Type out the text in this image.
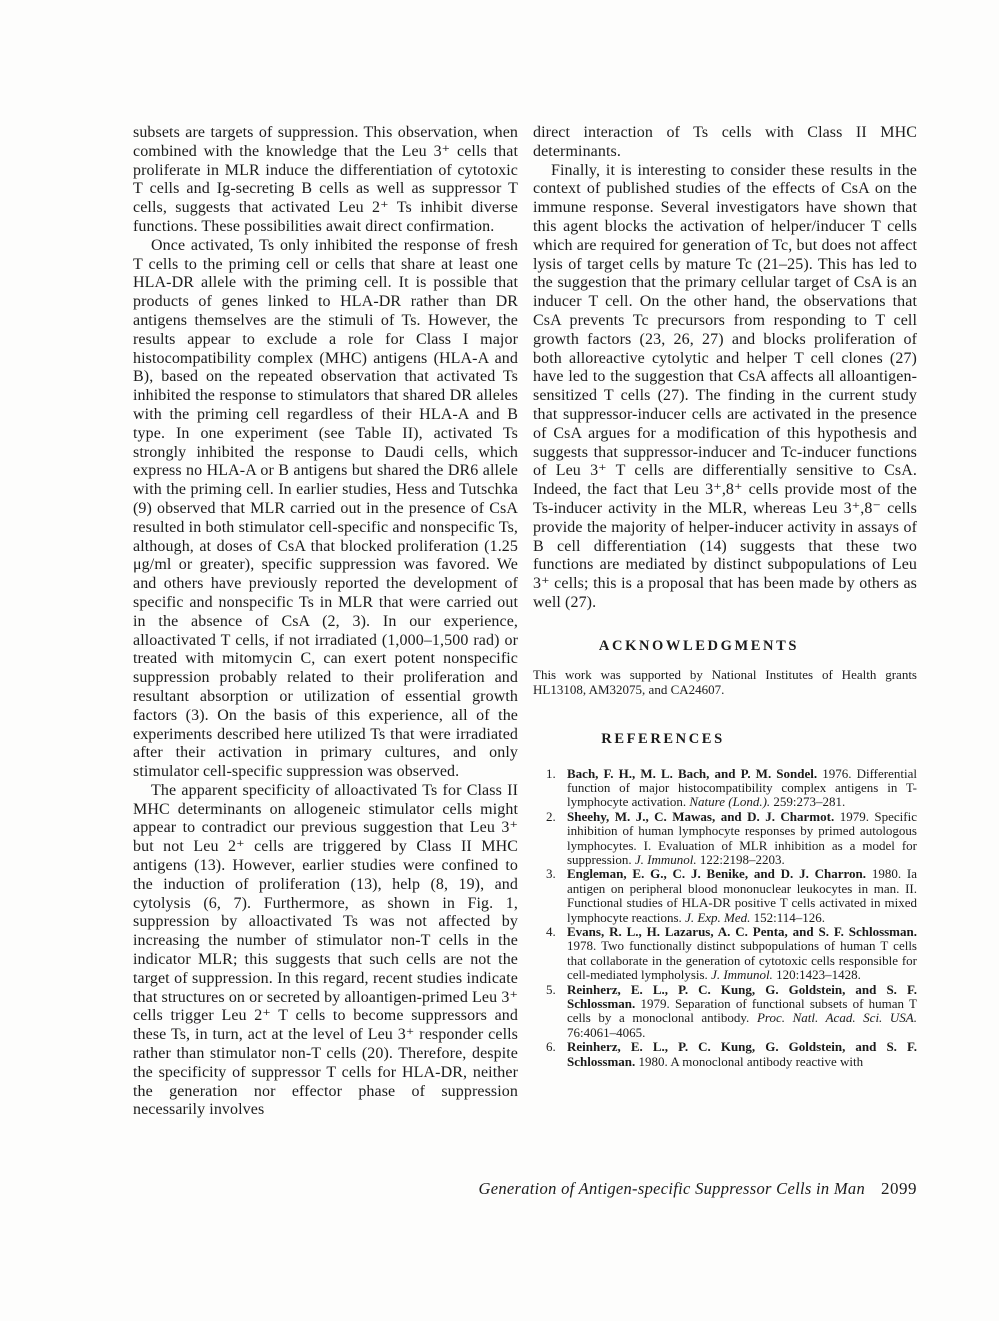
subsets are targets of suppression. This observation, when combined with the knowledge that the Leu 3⁺ cells that proliferate in MLR induce the differentiation of cytotoxic T cells and Ig-secreting B cells as well as suppressor T cells, suggests that activated Leu 2⁺ Ts inhibit diverse functions. These possibilities await direct confirmation.

Once activated, Ts only inhibited the response of fresh T cells to the priming cell or cells that share at least one HLA-DR allele with the priming cell. It is possible that products of genes linked to HLA-DR rather than DR antigens themselves are the stimuli of Ts. However, the results appear to exclude a role for Class I major histocompatibility complex (MHC) antigens (HLA-A and B), based on the repeated observation that activated Ts inhibited the response to stimulators that shared DR alleles with the priming cell regardless of their HLA-A and B type. In one experiment (see Table II), activated Ts strongly inhibited the response to Daudi cells, which express no HLA-A or B antigens but shared the DR6 allele with the priming cell. In earlier studies, Hess and Tutschka (9) observed that MLR carried out in the presence of CsA resulted in both stimulator cell-specific and nonspecific Ts, although, at doses of CsA that blocked proliferation (1.25 μg/ml or greater), specific suppression was favored. We and others have previously reported the development of specific and nonspecific Ts in MLR that were carried out in the absence of CsA (2, 3). In our experience, alloactivated T cells, if not irradiated (1,000–1,500 rad) or treated with mitomycin C, can exert potent nonspecific suppression probably related to their proliferation and resultant absorption or utilization of essential growth factors (3). On the basis of this experience, all of the experiments described here utilized Ts that were irradiated after their activation in primary cultures, and only stimulator cell-specific suppression was observed.

The apparent specificity of alloactivated Ts for Class II MHC determinants on allogeneic stimulator cells might appear to contradict our previous suggestion that Leu 3⁺ but not Leu 2⁺ cells are triggered by Class II MHC antigens (13). However, earlier studies were confined to the induction of proliferation (13), help (8, 19), and cytolysis (6, 7). Furthermore, as shown in Fig. 1, suppression by alloactivated Ts was not affected by increasing the number of stimulator non-T cells in the indicator MLR; this suggests that such cells are not the target of suppression. In this regard, recent studies indicate that structures on or secreted by alloantigen-primed Leu 3⁺ cells trigger Leu 2⁺ T cells to become suppressors and these Ts, in turn, act at the level of Leu 3⁺ responder cells rather than stimulator non-T cells (20). Therefore, despite the specificity of suppressor T cells for HLA-DR, neither the generation nor effector phase of suppression necessarily involves

direct interaction of Ts cells with Class II MHC determinants.

Finally, it is interesting to consider these results in the context of published studies of the effects of CsA on the immune response. Several investigators have shown that this agent blocks the activation of helper/inducer T cells which are required for generation of Tc, but does not affect lysis of target cells by mature Tc (21–25). This has led to the suggestion that the primary cellular target of CsA is an inducer T cell. On the other hand, the observations that CsA prevents Tc precursors from responding to T cell growth factors (23, 26, 27) and blocks proliferation of both alloreactive cytolytic and helper T cell clones (27) have led to the suggestion that CsA affects all alloantigen-sensitized T cells (27). The finding in the current study that suppressor-inducer cells are activated in the presence of CsA argues for a modification of this hypothesis and suggests that suppressor-inducer and Tc-inducer functions of Leu 3⁺ T cells are differentially sensitive to CsA. Indeed, the fact that Leu 3⁺,8⁺ cells provide most of the Ts-inducer activity in the MLR, whereas Leu 3⁺,8⁻ cells provide the majority of helper-inducer activity in assays of B cell differentiation (14) suggests that these two functions are mediated by distinct subpopulations of Leu 3⁺ cells; this is a proposal that has been made by others as well (27).

ACKNOWLEDGMENTS

This work was supported by National Institutes of Health grants HL13108, AM32075, and CA24607.

REFERENCES
1. Bach, F. H., M. L. Bach, and P. M. Sondel. 1976. Differential function of major histocompatibility complex antigens in T-lymphocyte activation. Nature (Lond.). 259:273–281.
2. Sheehy, M. J., C. Mawas, and D. J. Charmot. 1979. Specific inhibition of human lymphocyte responses by primed autologous lymphocytes. I. Evaluation of MLR inhibition as a model for suppression. J. Immunol. 122:2198–2203.
3. Engleman, E. G., C. J. Benike, and D. J. Charron. 1980. Ia antigen on peripheral blood mononuclear leukocytes in man. II. Functional studies of HLA-DR positive T cells activated in mixed lymphocyte reactions. J. Exp. Med. 152:114–126.
4. Evans, R. L., H. Lazarus, A. C. Penta, and S. F. Schlossman. 1978. Two functionally distinct subpopulations of human T cells that collaborate in the generation of cytotoxic cells responsible for cell-mediated lympholysis. J. Immunol. 120:1423–1428.
5. Reinherz, E. L., P. C. Kung, G. Goldstein, and S. F. Schlossman. 1979. Separation of functional subsets of human T cells by a monoclonal antibody. Proc. Natl. Acad. Sci. USA. 76:4061–4065.
6. Reinherz, E. L., P. C. Kung, G. Goldstein, and S. F. Schlossman. 1980. A monoclonal antibody reactive with
Generation of Antigen-specific Suppressor Cells in Man 2099
